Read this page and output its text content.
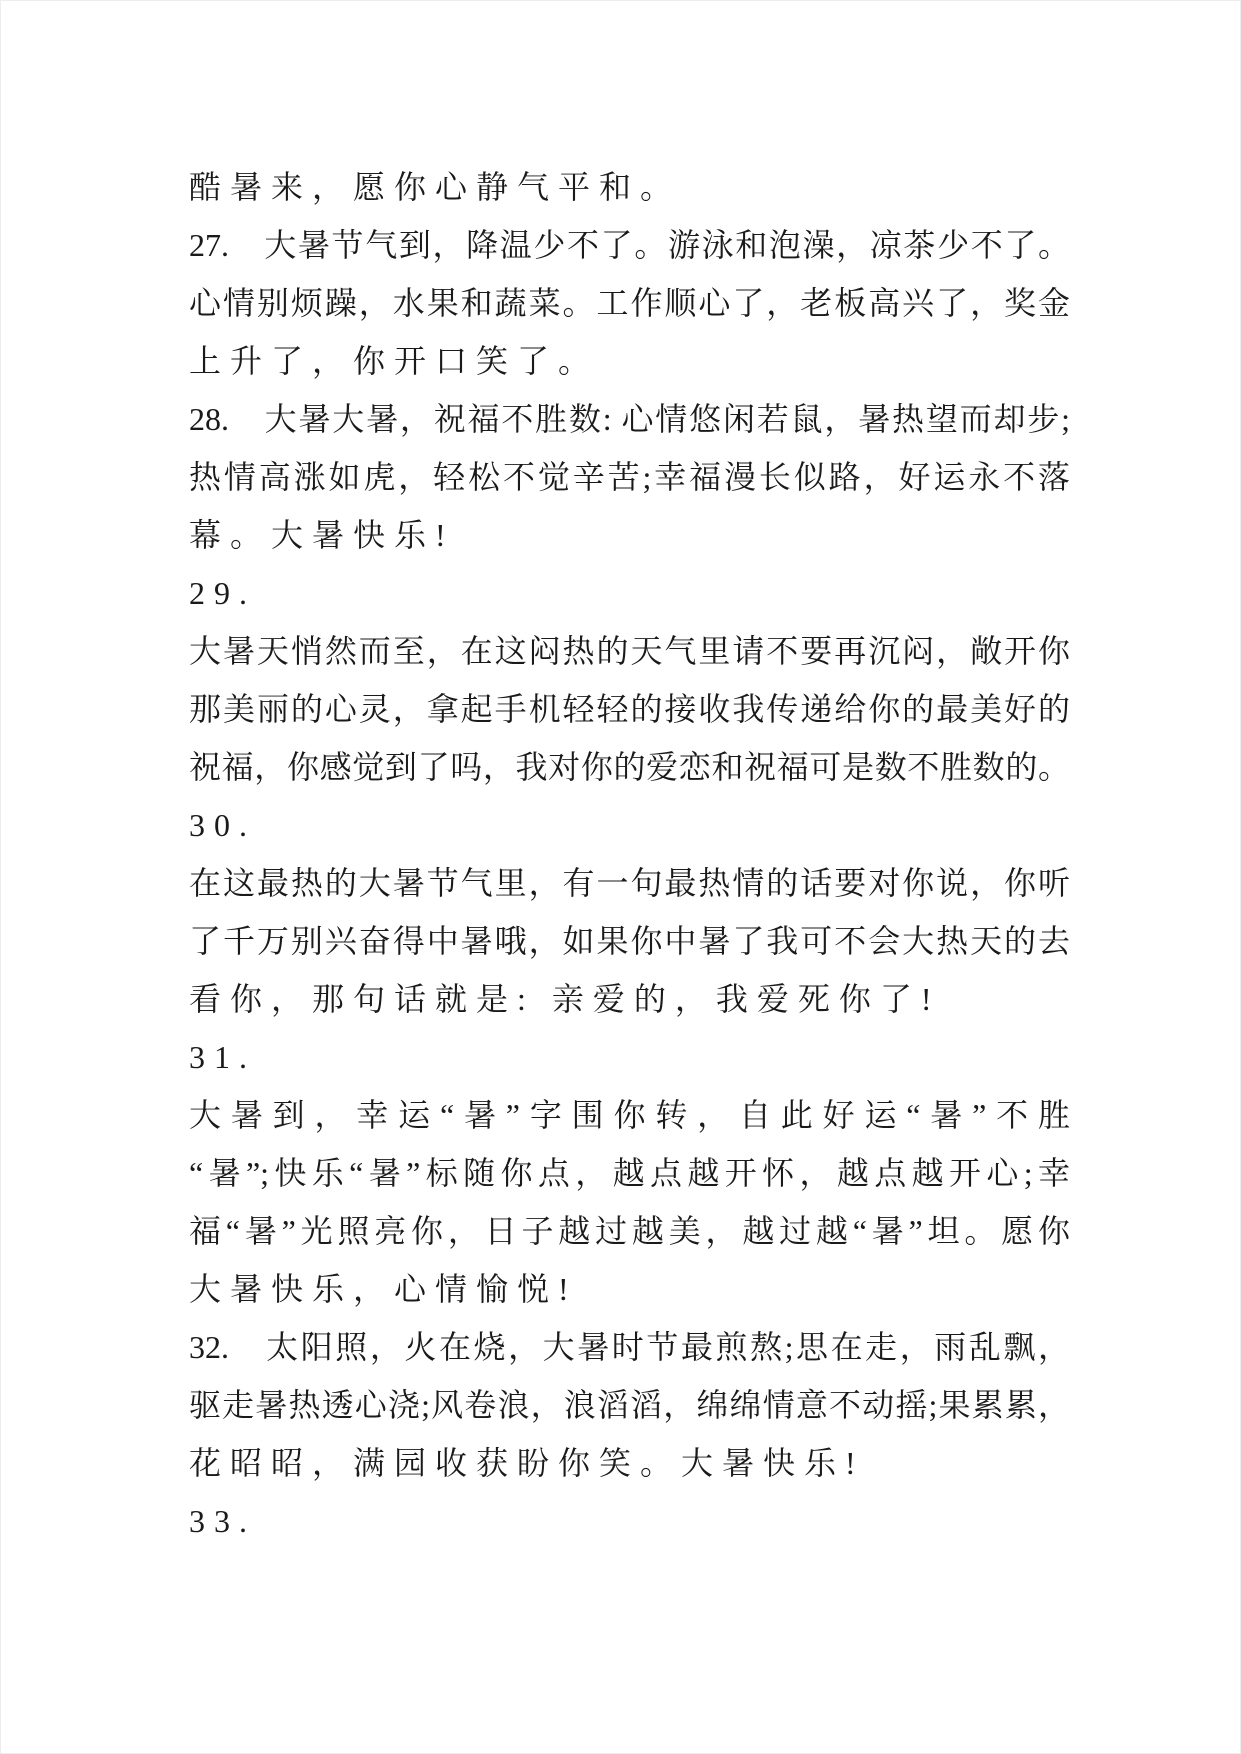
酷暑来，愿你心静气平和。
27.　大暑节气到，降温少不了。游泳和泡澡，凉茶少不了。
心情别烦躁，水果和蔬菜。工作顺心了，老板高兴了，奖金
上升了，你开口笑了。
28.　大暑大暑，祝福不胜数: 心情悠闲若鼠，暑热望而却步;
热情高涨如虎，轻松不觉辛苦;幸福漫长似路，好运永不落
幕。大暑快乐!
29.
大暑天悄然而至，在这闷热的天气里请不要再沉闷，敞开你
那美丽的心灵，拿起手机轻轻的接收我传递给你的最美好的
祝福，你感觉到了吗，我对你的爱恋和祝福可是数不胜数的。
30.
在这最热的大暑节气里，有一句最热情的话要对你说，你听
了千万别兴奋得中暑哦，如果你中暑了我可不会大热天的去
看你，那句话就是: 亲爱的，我爱死你了!
31.
大暑到，幸运“暑”字围你转，自此好运“暑”不胜
“暑”;快乐“暑”标随你点，越点越开怀，越点越开心;幸
福“暑”光照亮你，日子越过越美，越过越“暑”坦。愿你
大暑快乐，心情愉悦!
32.　太阳照，火在烧，大暑时节最煎熬;思在走，雨乱飘，
驱走暑热透心浇;风卷浪，浪滔滔，绵绵情意不动摇;果累累，
花昭昭，满园收获盼你笑。大暑快乐!
33.
